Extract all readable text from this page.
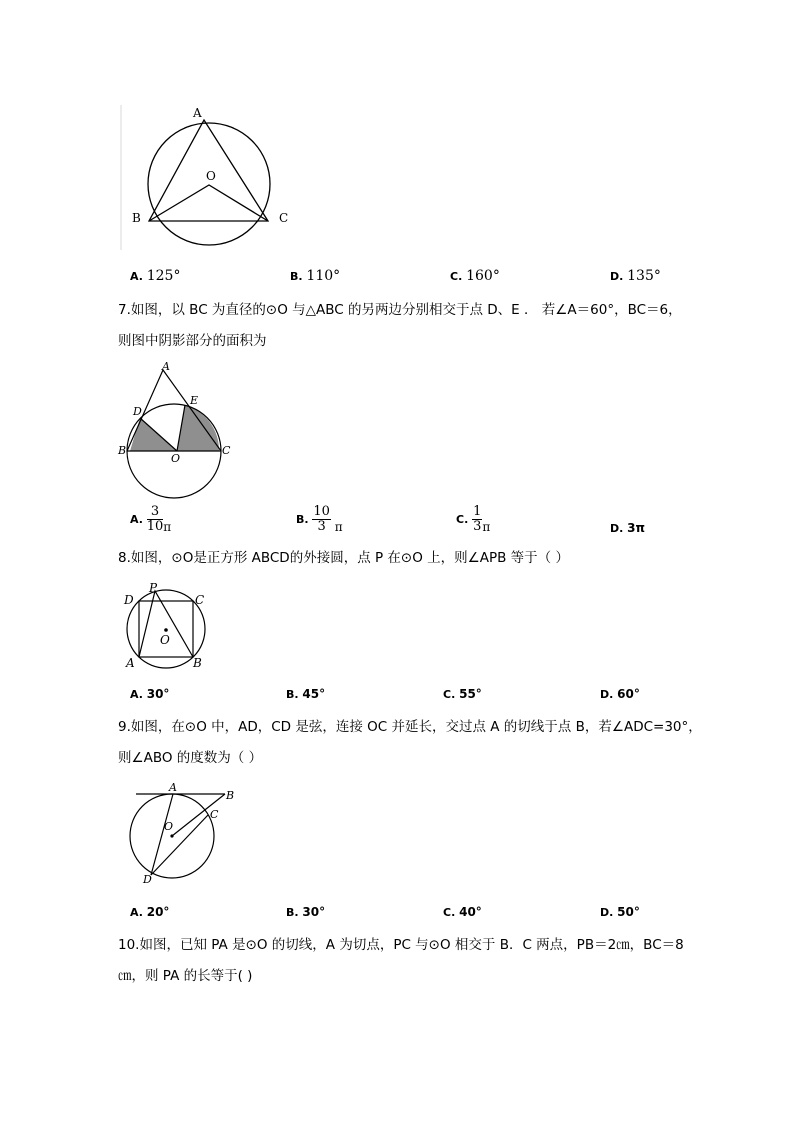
A
O
B	C
A. 125°	B. 110°	C. 160°	D. 135°
7.如图，以 BC 为直径的⊙O 与△ABC 的另两边分别相交于点 D、E ． 若∠A＝60°，BC＝6，
则图中阴影部分的面积为
A
D
E
B
O
C
A. $\frac{3}{10}$ π
B. $\frac{10}{3}$ π
C. $\frac{1}{3}$ π	D. 3π
8.如图，⊙O是正方形 ABCD的外接圆，点 P 在⊙O 上，则∠APB 等于（ ）
P
D	C
O
A	B
A. 30°	B. 45°	C. 55°	D. 60°
9.如图，在⊙O 中，AD，CD 是弦，连接 OC 并延长，交过点 A 的切线于点 B，若∠ADC=30°，
则∠ABO 的度数为（ ）
A
B
C
O
D
A. 20°	B. 30°	C. 40°	D. 50°
10.如图，已知 PA 是⊙O 的切线，A 为切点，PC 与⊙O 相交于 B．C 两点，PB＝2㎝，BC＝8
㎝，则 PA 的长等于( )
